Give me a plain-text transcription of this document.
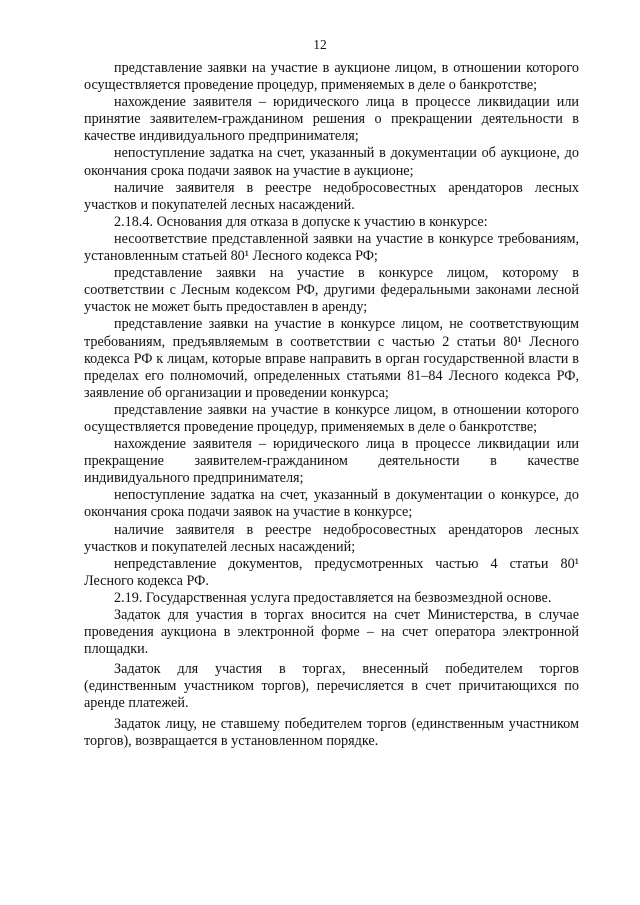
12

представление заявки на участие в аукционе лицом, в отношении которого осуществляется проведение процедур, применяемых в деле о банкротстве;

нахождение заявителя – юридического лица в процессе ликвидации или принятие заявителем-гражданином решения о прекращении деятельности в качестве индивидуального предпринимателя;

непоступление задатка на счет, указанный в документации об аукционе, до окончания срока подачи заявок на участие в аукционе;

наличие заявителя в реестре недобросовестных арендаторов лесных участков и покупателей лесных насаждений.

2.18.4. Основания для отказа в допуске к участию в конкурсе:

несоответствие представленной заявки на участие в конкурсе требованиям, установленным статьей 80¹ Лесного кодекса РФ;

представление заявки на участие в конкурсе лицом, которому в соответствии с Лесным кодексом РФ, другими федеральными законами лесной участок не может быть предоставлен в аренду;

представление заявки на участие в конкурсе лицом, не соответствующим требованиям, предъявляемым в соответствии с частью 2 статьи 80¹ Лесного кодекса РФ к лицам, которые вправе направить в орган государственной власти в пределах его полномочий, определенных статьями 81–84 Лесного кодекса РФ, заявление об организации и проведении конкурса;

представление заявки на участие в конкурсе лицом, в отношении которого осуществляется проведение процедур, применяемых в деле о банкротстве;

нахождение заявителя – юридического лица в процессе ликвидации или прекращение заявителем-гражданином деятельности в качестве индивидуального предпринимателя;

непоступление задатка на счет, указанный в документации о конкурсе, до окончания срока подачи заявок на участие в конкурсе;

наличие заявителя в реестре недобросовестных арендаторов лесных участков и покупателей лесных насаждений;

непредставление документов, предусмотренных частью 4 статьи 80¹ Лесного кодекса РФ.

2.19. Государственная услуга предоставляется на безвозмездной основе.

Задаток для участия в торгах вносится на счет Министерства, в случае проведения аукциона в электронной форме – на счет оператора электронной площадки.

Задаток для участия в торгах, внесенный победителем торгов (единственным участником торгов), перечисляется в счет причитающихся по аренде платежей.

Задаток лицу, не ставшему победителем торгов (единственным участником торгов), возвращается в установленном порядке.
